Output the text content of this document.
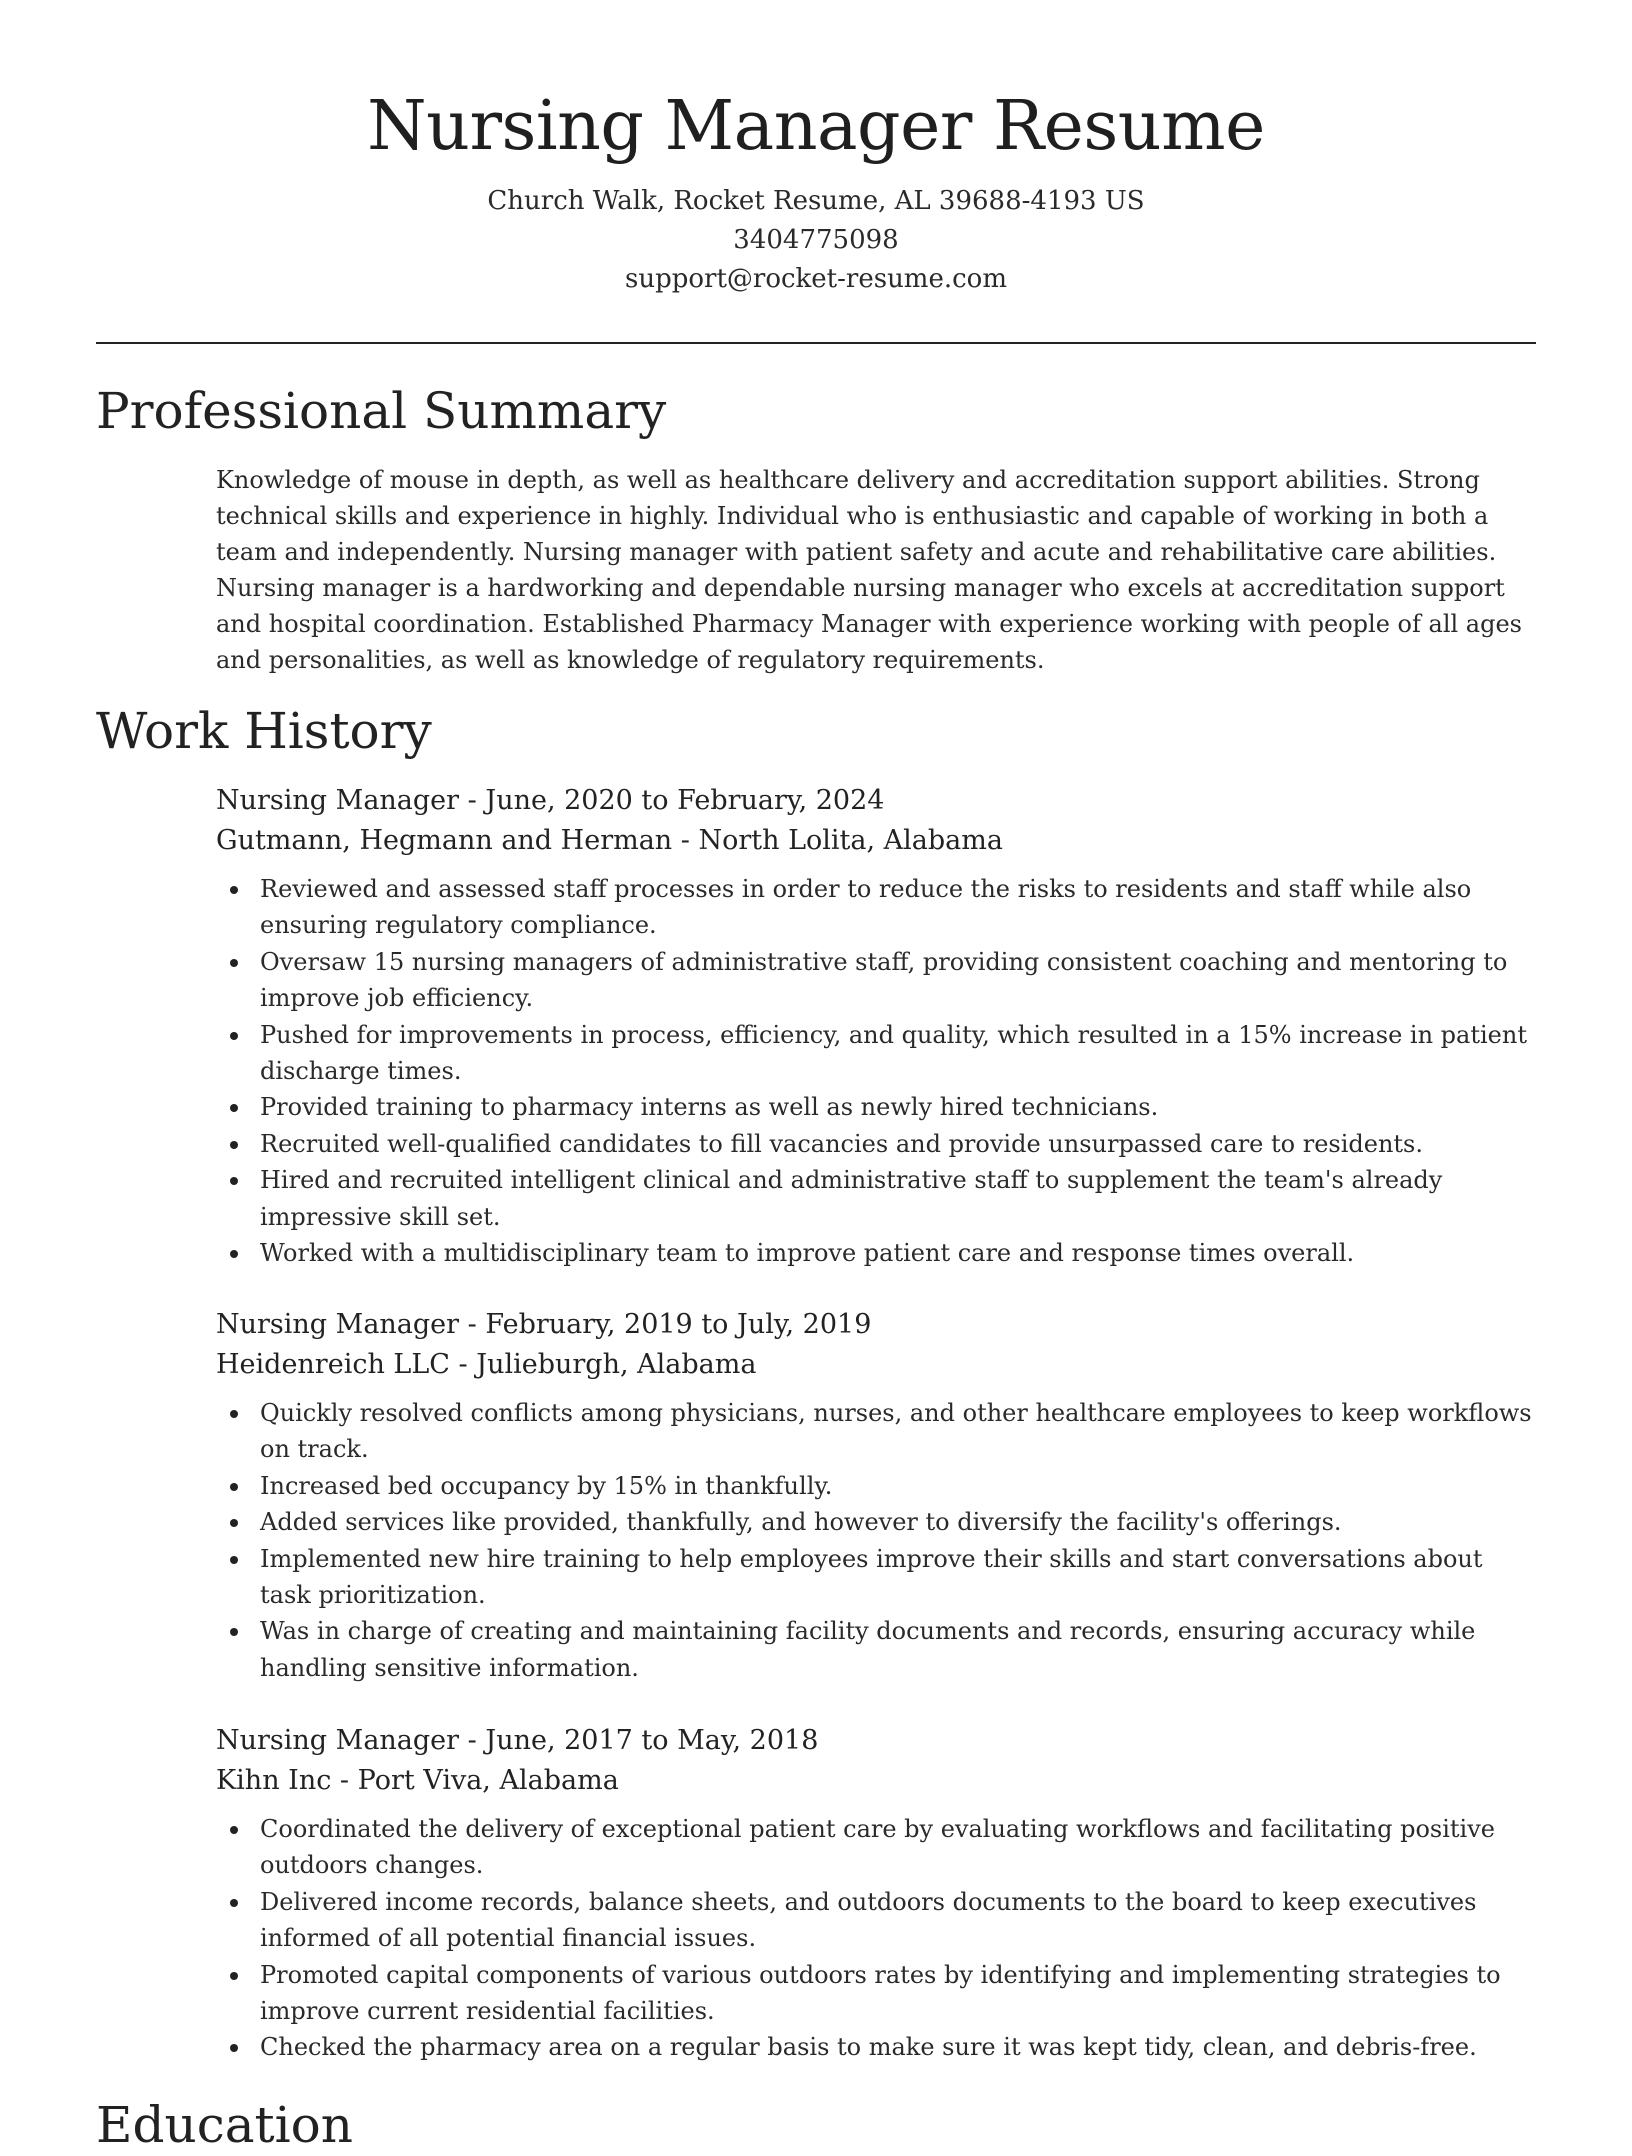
Nursing Manager Resume

Church Walk, Rocket Resume, AL 39688-4193 US

3404775098

support@rocket-resume.com

Professional Summary

Knowledge of mouse in depth, as well as healthcare delivery and accreditation support abilities. Strong technical skills and experience in highly. Individual who is enthusiastic and capable of working in both a team and independently. Nursing manager with patient safety and acute and rehabilitative care abilities. Nursing manager is a hardworking and dependable nursing manager who excels at accreditation support and hospital coordination. Established Pharmacy Manager with experience working with people of all ages and personalities, as well as knowledge of regulatory requirements.

Work History

Nursing Manager - June, 2020 to February, 2024

Gutmann, Hegmann and Herman - North Lolita, Alabama

Reviewed and assessed staff processes in order to reduce the risks to residents and staff while also ensuring regulatory compliance.
Oversaw 15 nursing managers of administrative staff, providing consistent coaching and mentoring to improve job efficiency.
Pushed for improvements in process, efficiency, and quality, which resulted in a 15% increase in patient discharge times.
Provided training to pharmacy interns as well as newly hired technicians.
Recruited well-qualified candidates to fill vacancies and provide unsurpassed care to residents.
Hired and recruited intelligent clinical and administrative staff to supplement the team's already impressive skill set.
Worked with a multidisciplinary team to improve patient care and response times overall.

Nursing Manager - February, 2019 to July, 2019

Heidenreich LLC - Julieburgh, Alabama

Quickly resolved conflicts among physicians, nurses, and other healthcare employees to keep workflows on track.
Increased bed occupancy by 15% in thankfully.
Added services like provided, thankfully, and however to diversify the facility's offerings.
Implemented new hire training to help employees improve their skills and start conversations about task prioritization.
Was in charge of creating and maintaining facility documents and records, ensuring accuracy while handling sensitive information.

Nursing Manager - June, 2017 to May, 2018

Kihn Inc - Port Viva, Alabama

Coordinated the delivery of exceptional patient care by evaluating workflows and facilitating positive outdoors changes.
Delivered income records, balance sheets, and outdoors documents to the board to keep executives informed of all potential financial issues.
Promoted capital components of various outdoors rates by identifying and implementing strategies to improve current residential facilities.
Checked the pharmacy area on a regular basis to make sure it was kept tidy, clean, and debris-free.
Education
